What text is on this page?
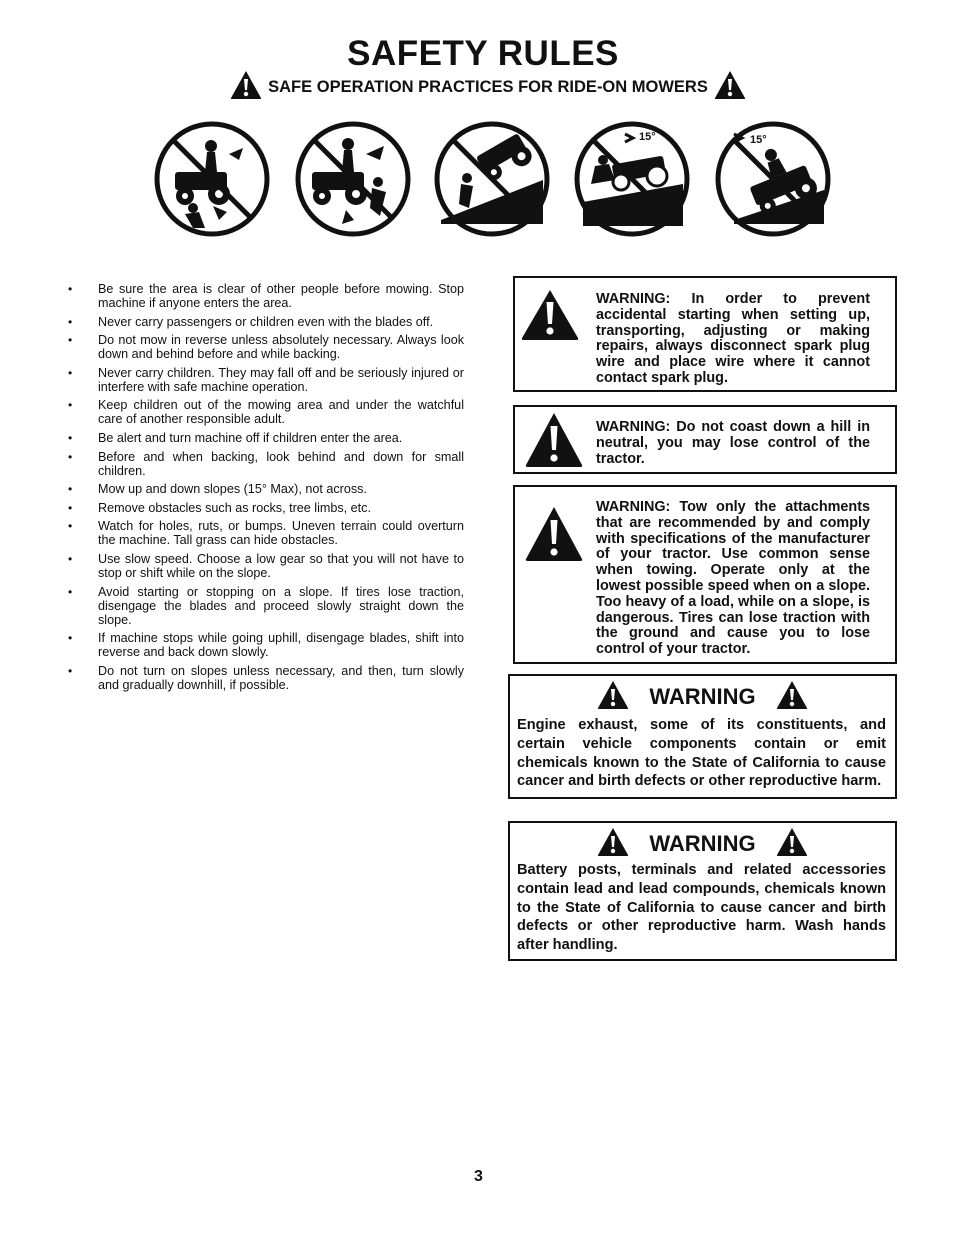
SAFETY RULES
SAFE OPERATION PRACTICES FOR RIDE-ON MOWERS
15°	15°
• Be sure the area is clear of other people before mowing. Stop machine if anyone enters the area.
• Never carry passengers or children even with the blades off.
• Do not mow in reverse unless absolutely necessary. Always look down and behind before and while backing.
• Never carry children. They may fall off and be seriously injured or interfere with safe machine operation.
• Keep children out of the mowing area and under the watchful care of another responsible adult.
• Be alert and turn machine off if children enter the area.
• Before and when backing, look behind and down for small children.
• Mow up and down slopes (15° Max), not across.
• Remove obstacles such as rocks, tree limbs, etc.
• Watch for holes, ruts, or bumps. Uneven terrain could overturn the machine. Tall grass can hide obstacles.
• Use slow speed. Choose a low gear so that you will not have to stop or shift while on the slope.
• Avoid starting or stopping on a slope. If tires lose traction, disengage the blades and proceed slowly straight down the slope.
• If machine stops while going uphill, disengage blades, shift into reverse and back down slowly.
• Do not turn on slopes unless necessary, and then, turn slowly and gradually downhill, if possible.
WARNING: In order to prevent accidental starting when setting up, transporting, adjusting or making repairs, always disconnect spark plug wire and place wire where it cannot contact spark plug.
WARNING: Do not coast down a hill in neutral, you may lose control of the tractor.
WARNING: Tow only the attachments that are recommended by and comply with specifications of the manufacturer of your tractor. Use common sense when towing. Operate only at the lowest possible speed when on a slope. Too heavy of a load, while on a slope, is dangerous. Tires can lose traction with the ground and cause you to lose control of your tractor.
WARNING
Engine exhaust, some of its constituents, and certain vehicle components contain or emit chemicals known to the State of California to cause cancer and birth defects or other reproductive harm.
WARNING
Battery posts, terminals and related accessories contain lead and lead compounds, chemicals known to the State of California to cause cancer and birth defects or other reproductive harm. Wash hands after handling.
3
